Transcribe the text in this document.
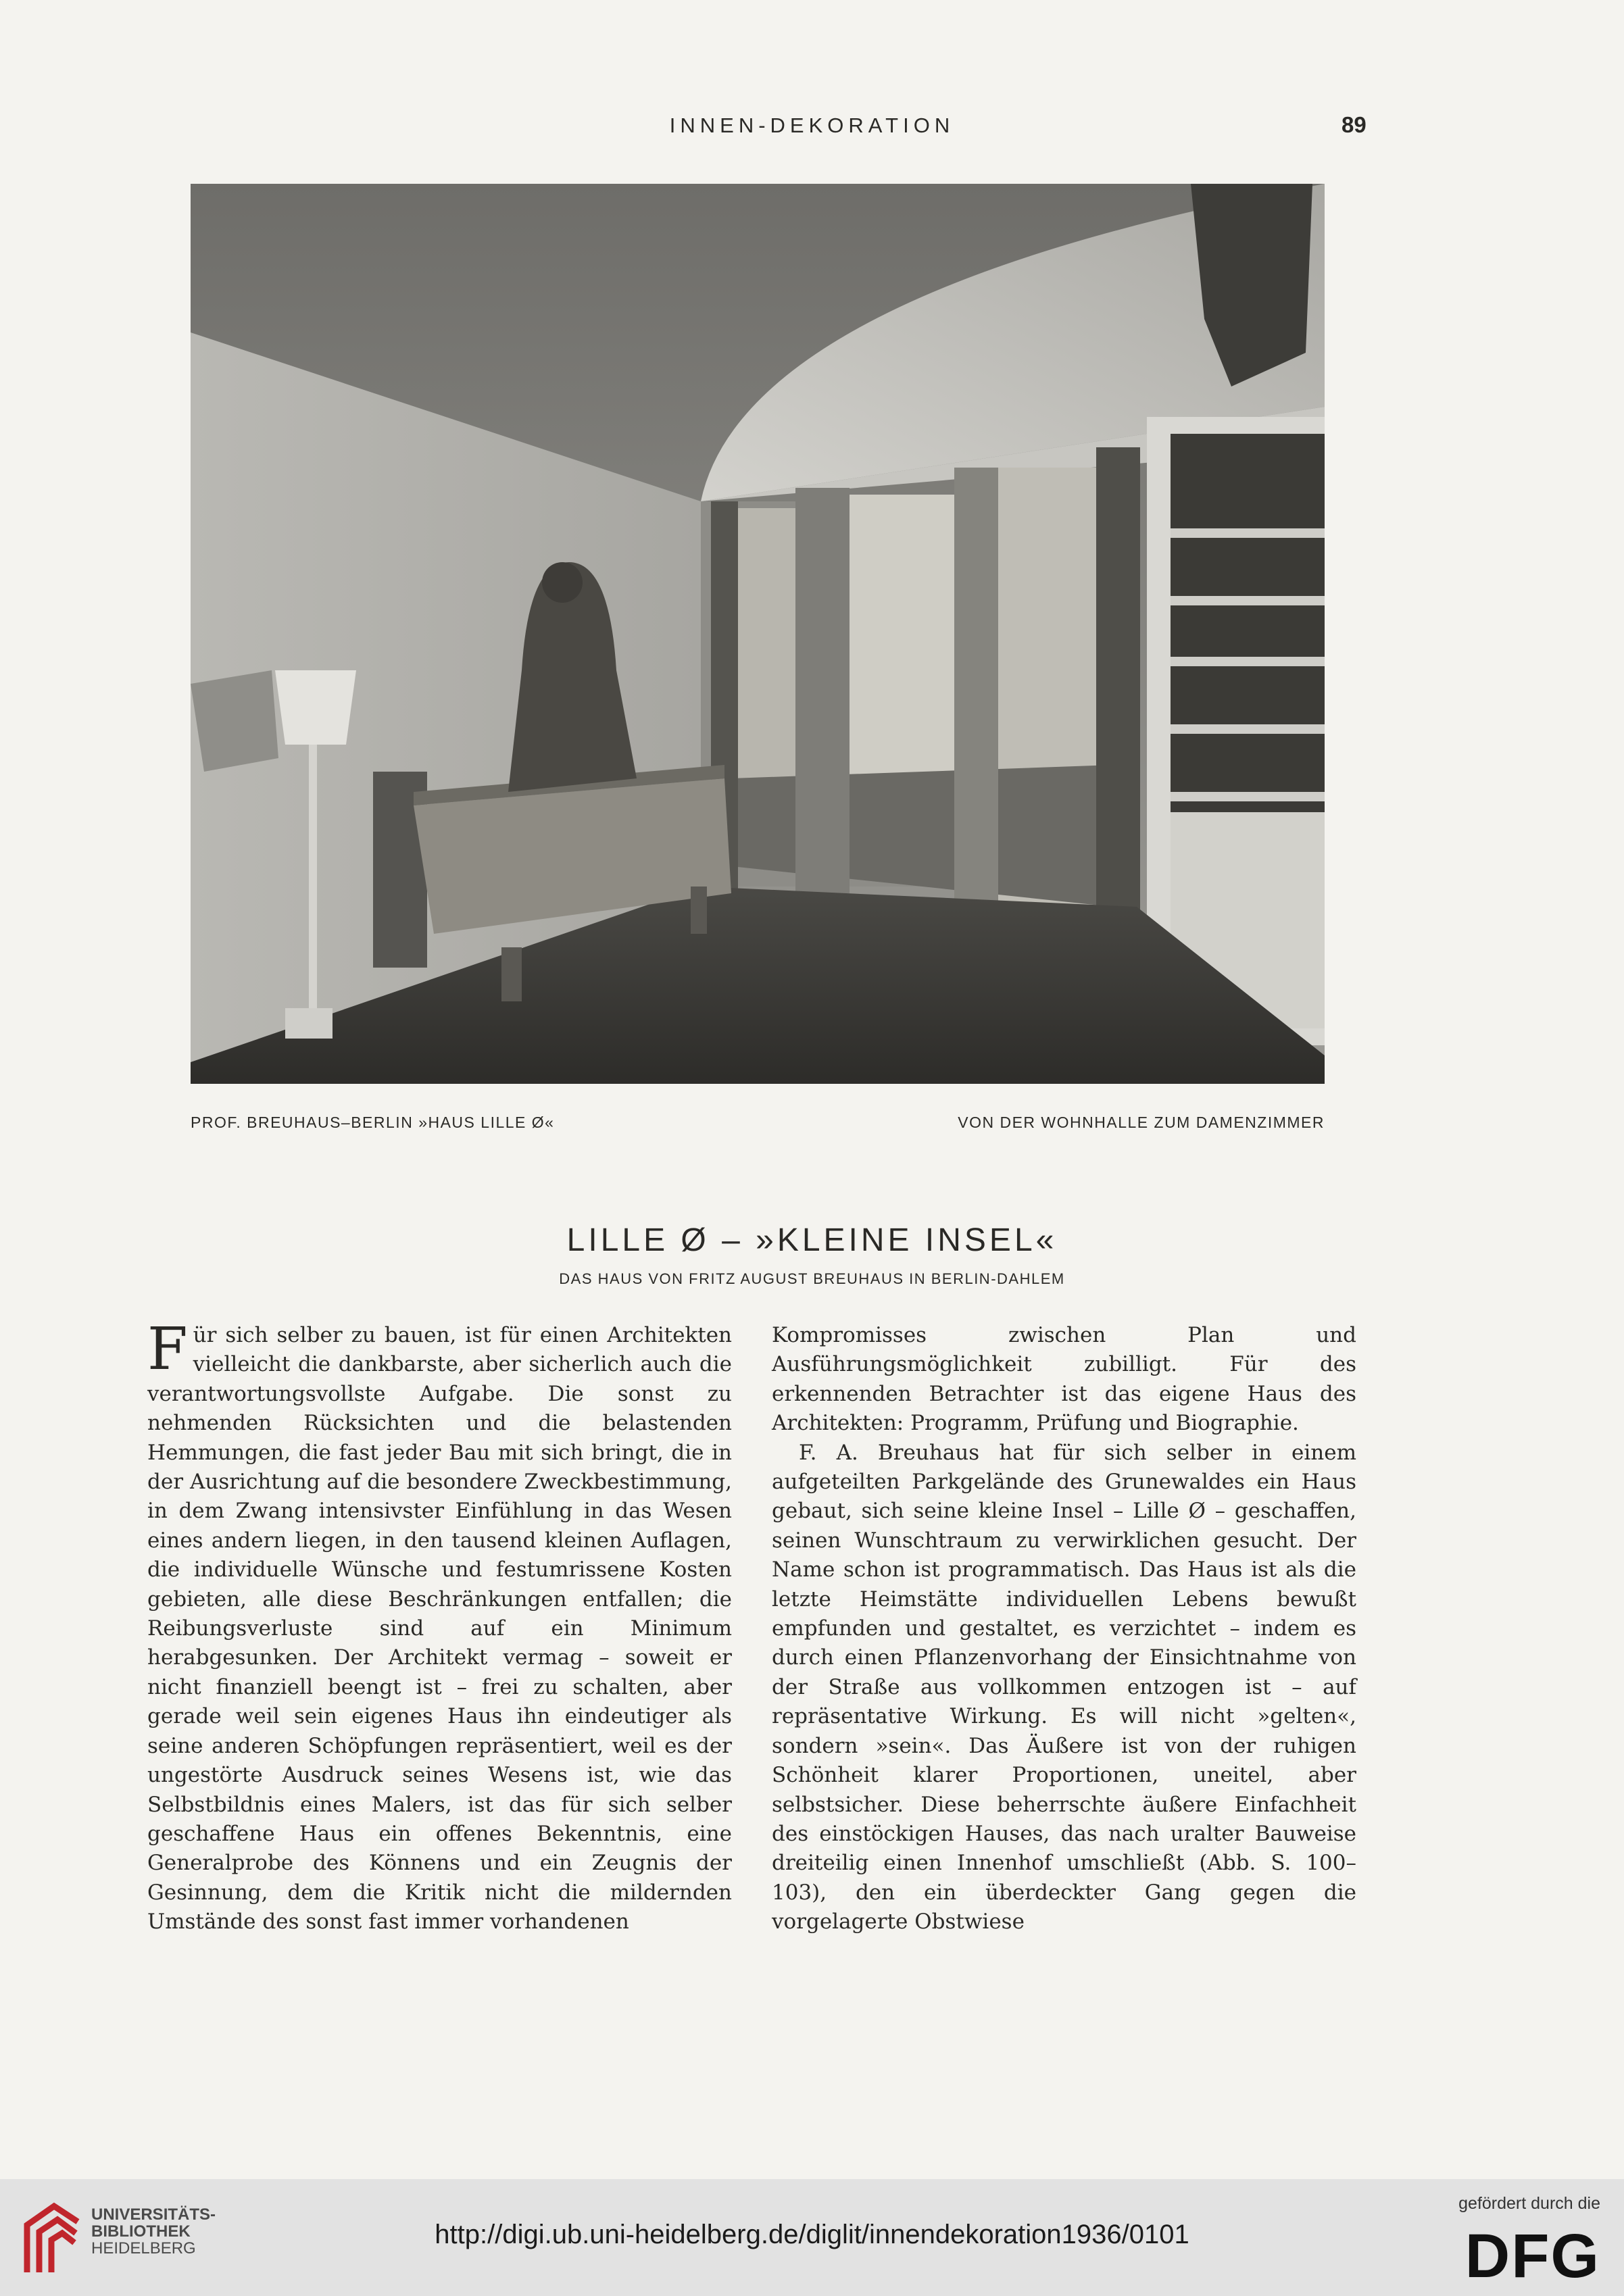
INNEN-DEKORATION	89
PROF. BREUHAUS–BERLIN »HAUS LILLE Ø«	VON DER WOHNHALLE ZUM DAMENZIMMER
LILLE Ø – »KLEINE INSEL«
DAS HAUS VON FRITZ AUGUST BREUHAUS IN BERLIN-DAHLEM

Für sich selber zu bauen, ist für einen Architekten vielleicht die dankbarste, aber sicherlich auch die verantwortungsvollste Aufgabe. Die sonst zu nehmenden Rücksichten und die belastenden Hemmungen, die fast jeder Bau mit sich bringt, die in der Ausrichtung auf die besondere Zweckbestimmung, in dem Zwang intensivster Einfühlung in das Wesen eines andern liegen, in den tausend kleinen Auflagen, die individuelle Wünsche und festumrissene Kosten gebieten, alle diese Beschränkungen entfallen; die Reibungsverluste sind auf ein Minimum herabgesunken. Der Architekt vermag – soweit er nicht finanziell beengt ist – frei zu schalten, aber gerade weil sein eigenes Haus ihn eindeutiger als seine anderen Schöpfungen repräsentiert, weil es der ungestörte Ausdruck seines Wesens ist, wie das Selbstbildnis eines Malers, ist das für sich selber geschaffene Haus ein offenes Bekenntnis, eine Generalprobe des Könnens und ein Zeugnis der Gesinnung, dem die Kritik nicht die mildernden Umstände des sonst fast immer vorhandenen

Kompromisses zwischen Plan und Ausführungsmöglichkeit zubilligt. Für des erkennenden Betrachter ist das eigene Haus des Architekten: Programm, Prüfung und Biographie.

F. A. Breuhaus hat für sich selber in einem aufgeteilten Parkgelände des Grunewaldes ein Haus gebaut, sich seine kleine Insel – Lille Ø – geschaffen, seinen Wunschtraum zu verwirklichen gesucht. Der Name schon ist programmatisch. Das Haus ist als die letzte Heimstätte individuellen Lebens bewußt empfunden und gestaltet, es verzichtet – indem es durch einen Pflanzenvorhang der Einsichtnahme von der Straße aus vollkommen entzogen ist – auf repräsentative Wirkung. Es will nicht »gelten«, sondern »sein«. Das Äußere ist von der ruhigen Schönheit klarer Proportionen, uneitel, aber selbstsicher. Diese beherrschte äußere Einfachheit des einstöckigen Hauses, das nach uralter Bauweise dreiteilig einen Innenhof umschließt (Abb. S. 100–103), den ein überdeckter Gang gegen die vorgelagerte Obstwiese

UNIVERSITÄTS-
BIBLIOTHEK
HEIDELBERG	http://digi.ub.uni-heidelberg.de/diglit/innendekoration1936/0101
gefördert durch die
DFG
